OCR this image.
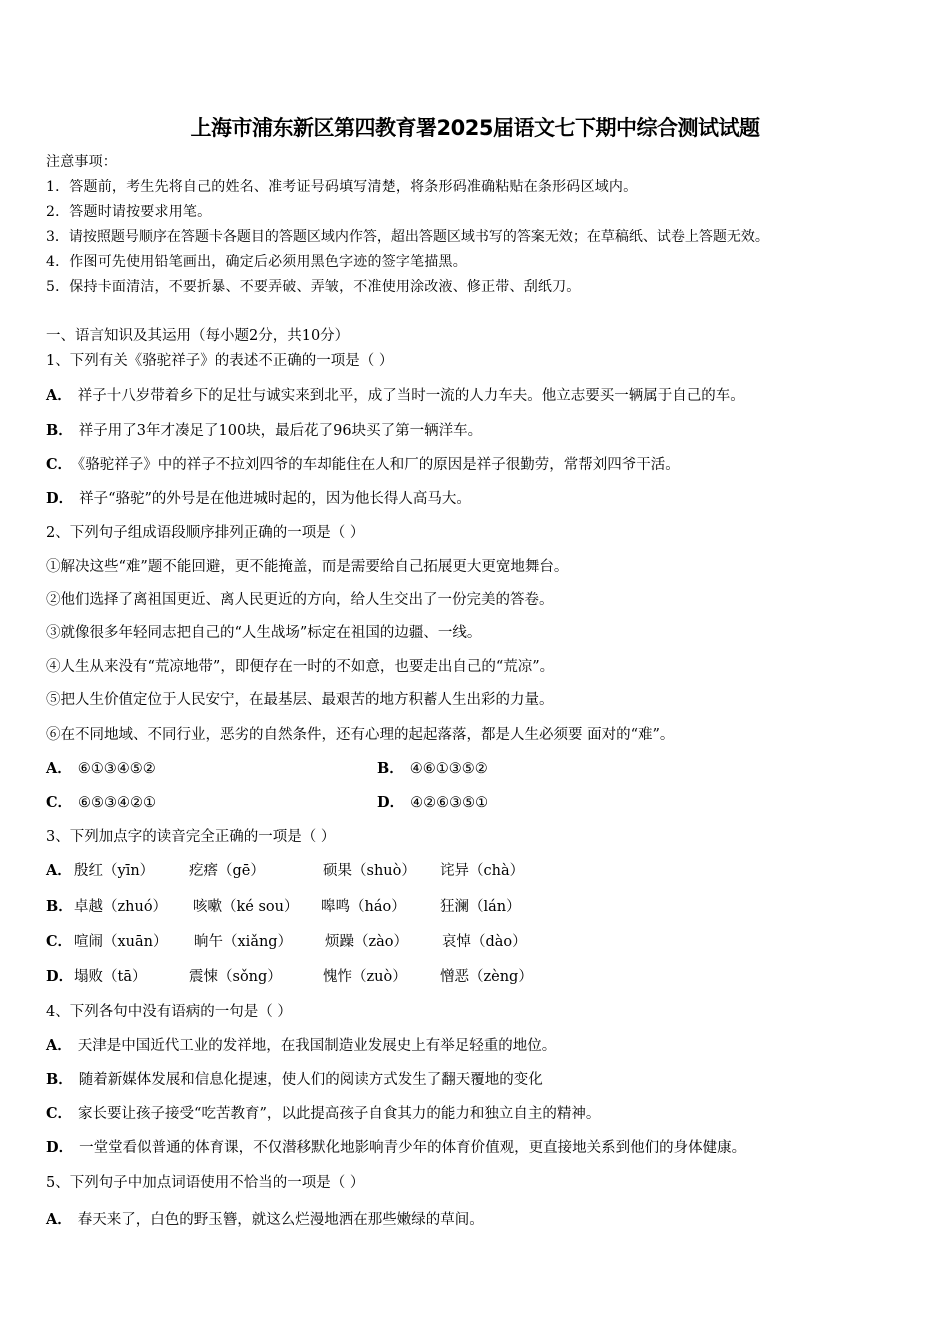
上海市浦东新区第四教育署2025届语文七下期中综合测试试题
注意事项：
1．答题前，考生先将自己的姓名、准考证号码填写清楚，将条形码准确粘贴在条形码区域内。
2．答题时请按要求用笔。
3．请按照题号顺序在答题卡各题目的答题区域内作答，超出答题区域书写的答案无效；在草稿纸、试卷上答题无效。
4．作图可先使用铅笔画出，确定后必须用黑色字迹的签字笔描黑。
5．保持卡面清洁，不要折暴、不要弄破、弄皱，不准使用涂改液、修正带、刮纸刀。
一、语言知识及其运用（每小题2分，共10分）
1、下列有关《骆驼祥子》的表述不正确的一项是（ ）
A． 祥子十八岁带着乡下的足壮与诚实来到北平，成了当时一流的人力车夫。他立志要买一辆属于自己的车。
B． 祥子用了3年才凑足了100块，最后花了96块买了第一辆洋车。
C． 《骆驼祥子》中的祥子不拉刘四爷的车却能住在人和厂的原因是祥子很勤劳，常帮刘四爷干活。
D． 祥子“骆驼”的外号是在他进城时起的，因为他长得人高马大。
2、下列句子组成语段顺序排列正确的一项是（ ）
①解决这些“难”题不能回避，更不能掩盖，而是需要给自己拓展更大更宽地舞台。
②他们选择了离祖国更近、离人民更近的方向，给人生交出了一份完美的答卷。
③就像很多年轻同志把自己的“人生战场”标定在祖国的边疆、一线。
④人生从来没有“荒凉地带”，即便存在一时的不如意，也要走出自己的“荒凉”。
⑤把人生价值定位于人民安宁，在最基层、最艰苦的地方积蓄人生出彩的力量。
⑥在不同地域、不同行业，恶劣的自然条件，还有心理的起起落落，都是人生必须要 面对的“难”。
A． ⑥①③④⑤②	B． ④⑥①③⑤②
C． ⑥⑤③④②①	D． ④②⑥③⑤①
3、下列加点字的读音完全正确的一项是（ ）
A． 殷红（yīn） 疙瘩（gē）	硕果（shuò） 诧异（chà）
B． 卓越（zhuó） 咳嗽（ké sou） 嗥鸣（háo） 狂澜（lán）
C． 喧闹（xuān） 晌午（xiǎng） 烦躁（zào） 哀悼（dào）
D． 塌败（tā）	震悚（sǒng）	愧怍（zuò） 憎恶（zèng）
4、下列各句中没有语病的一句是（ ）
A． 天津是中国近代工业的发祥地，在我国制造业发展史上有举足轻重的地位。
B． 随着新媒体发展和信息化提速，使人们的阅读方式发生了翻天覆地的变化
C． 家长要让孩子接受“吃苦教育”，以此提高孩子自食其力的能力和独立自主的精神。
D． 一堂堂看似普通的体育课，不仅潜移默化地影响青少年的体育价值观，更直接地关系到他们的身体健康。
5、下列句子中加点词语使用不恰当的一项是（ ）
A． 春天来了，白色的野玉簪，就这么烂漫地洒在那些嫩绿的草间。
